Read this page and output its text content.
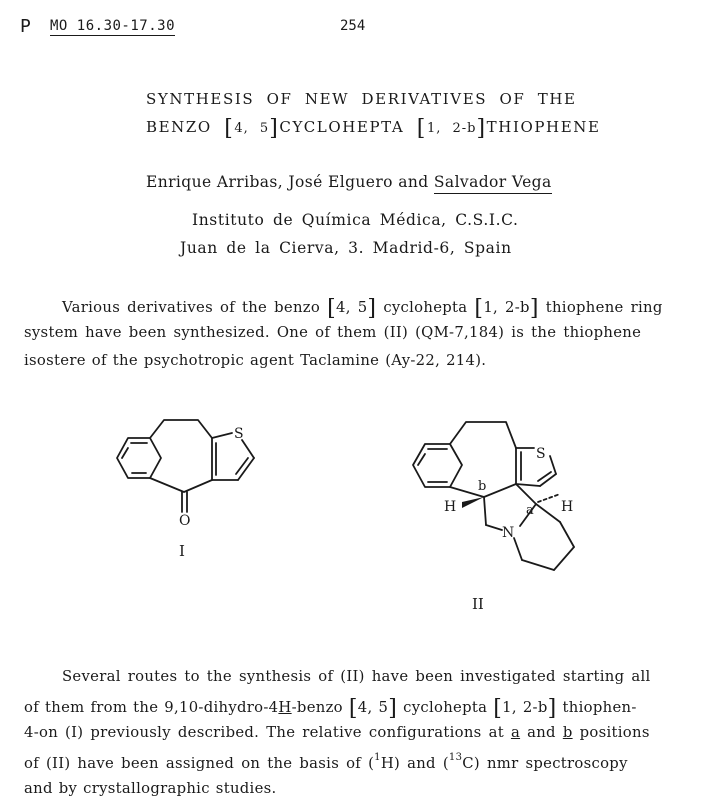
P MO 16.30-17.30	254
SYNTHESIS OF NEW DERIVATIVES OF THE
BENZO [4, 5]CYCLOHEPTA [1, 2-b]THIOPHENE
Enrique Arribas, José Elguero and Salvador Vega
Instituto de Química Médica, C.S.I.C.
Juan de la Cierva, 3. Madrid-6, Spain
Various derivatives of the benzo [4, 5] cyclohepta [1, 2-b] thiophene ring
system have been synthesized. One of them (II) (QM-7,184) is the thiophene
isostere of the psychotropic agent Taclamine (Ay-22, 214).
S
O
I
S
N
H	H
b
a
II
Several routes to the synthesis of (II) have been investigated starting all
of them from the 9,10-dihydro-4H-benzo [4, 5] cyclohepta [1, 2-b] thiophen-
4-on (I) previously described. The relative configurations at a and b positions
of (II) have been assigned on the basis of ($^1$H) and ($^{13}$C) nmr spectroscopy
and by crystallographic studies.
